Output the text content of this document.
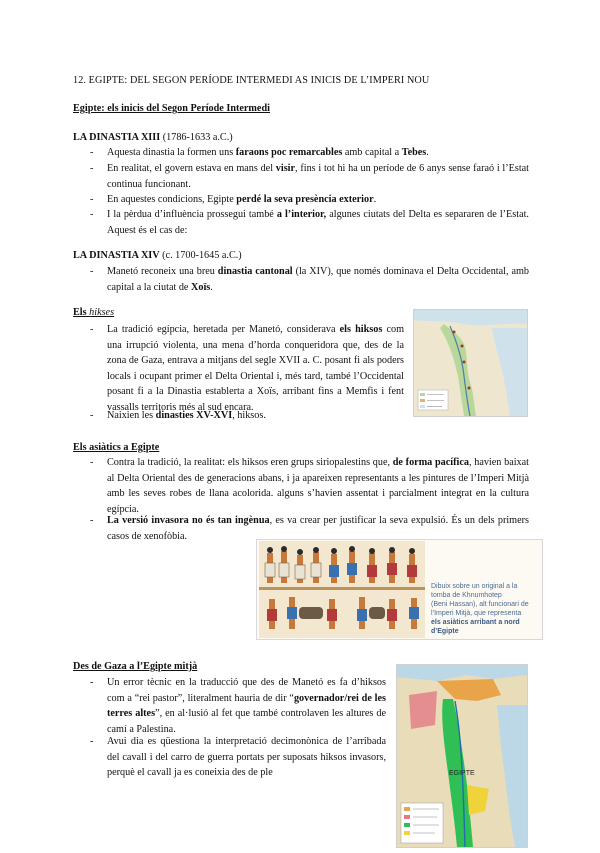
12. EGIPTE: DEL SEGON PERÍODE INTERMEDI AS INICIS DE L’IMPERI NOU
Egipte: els inicis del Segon Període Intermedi
LA DINASTIA XIII (1786-1633 a.C.)
- Aquesta dinastia la formen uns faraons poc remarcables amb capital a Tebes.
- En realitat, el govern estava en mans del visir, fins i tot hi ha un període de 6 anys sense faraó i l’Estat continua funcionant.
- En aquestes condicions, Egipte perdé la seva presència exterior.
- I la pèrdua d’influència prossegui també a l’interior, algunes ciutats del Delta es separaren de l’Estat. Aquest és el cas de:
LA DINASTIA XIV (c. 1700-1645 a.C.)
- Manetó reconeix una breu dinastia cantonal (la XIV), que només dominava el Delta Occidental, amb capital a la ciutat de Xoïs.
Els hikses
- La tradició egípcia, heretada per Manetó, considerava els hiksos com una irrupció violenta, una mena d’horda conqueridora que, des de la zona de Gaza, entrava a mitjans del segle XVII a. C. posant fi als poders locals i ocupant primer el Delta Oriental i, més tard, també l’Occidental posant fi a la Dinastia establerta a Xoïs, arribant fins a Memfis i fent vassalls territoris més al sud encara.
- Naixien les dinasties XV-XVI, hiksos.
Els asiàtics a Egipte
- Contra la tradició, la realitat: els hiksos eren grups siriopalestins que, de forma pacífica, havien baixat al Delta Oriental des de generacions abans, i ja apareixen representants a les pintures de l’Imperi Mitjà amb les seves robes de llana acolorida. alguns s’havien assentat i parcialment integrat en la cultura egípcia.
- La versió invasora no és tan ingènua, es va crear per justificar la seva expulsió. És un dels primers casos de xenofòbia.
Dibuix sobre un original a la
tomba de Khnumhotep
(Beni Hassan), alt funcionari de
l’Imperi Mitjà, que representa
els asiàtics arribant a nord d’Egipte
Des de Gaza a l’Egipte mitjà
- Un error tècnic en la traducció que des de Manetó es fa d’hiksos com a “rei pastor”, literalment hauria de dir “governador/rei de les terres altes”, en al·lusió al fet que també controlaven les altures de camí a Palestina.
- Avui dia es qüestiona la interpretació decimonònica de l’arribada del cavall i del carro de guerra portats per suposats hiksos invasors, perquè el cavall ja es coneixia des de ple	EGIPTE
